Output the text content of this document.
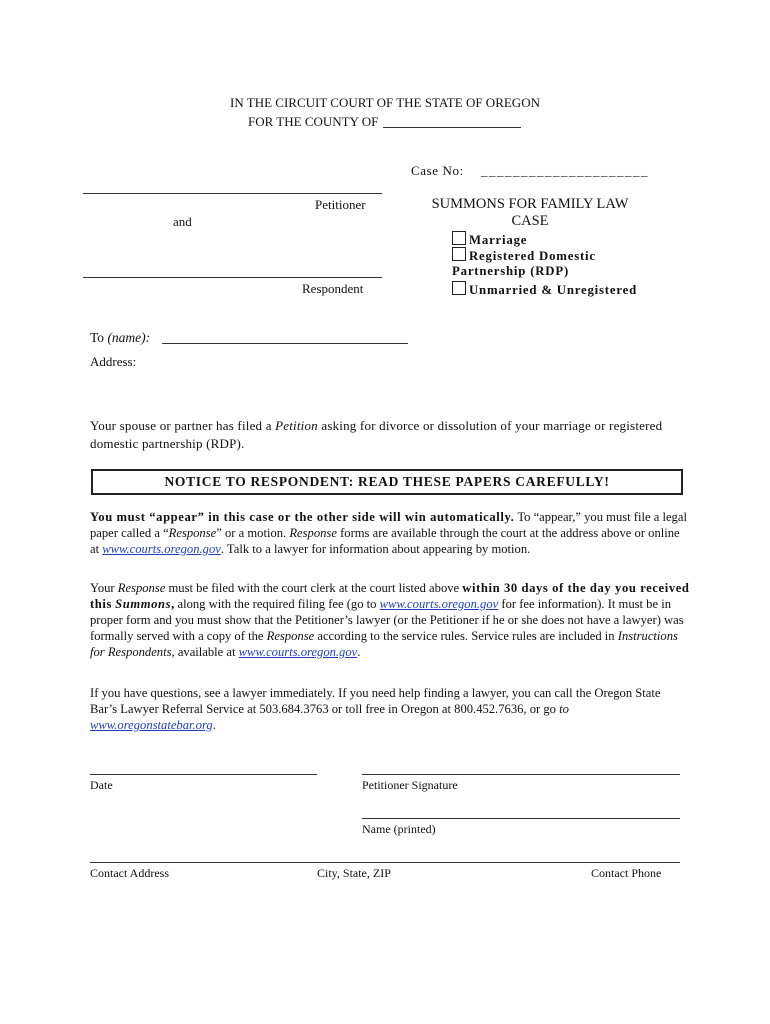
IN THE CIRCUIT COURT OF THE STATE OF OREGON
FOR THE COUNTY OF
Case No: _____________________
Petitioner
and
Respondent
SUMMONS FOR FAMILY LAW
CASE
Marriage
Registered Domestic
Partnership (RDP)
Unmarried & Unregistered
To (name):
Address:
Your spouse or partner has filed a Petition asking for divorce or dissolution of your marriage or registered domestic partnership (RDP).
NOTICE TO RESPONDENT: READ THESE PAPERS CAREFULLY!
You must “appear” in this case or the other side will win automatically. To “appear,” you must file a legal paper called a “Response” or a motion. Response forms are available through the court at the address above or online at www.courts.oregon.gov. Talk to a lawyer for information about appearing by motion.
Your Response must be filed with the court clerk at the court listed above within 30 days of the day you received this Summons, along with the required filing fee (go to www.courts.oregon.gov for fee information). It must be in proper form and you must show that the Petitioner’s lawyer (or the Petitioner if he or she does not have a lawyer) was formally served with a copy of the Response according to the service rules. Service rules are included in Instructions for Respondents, available at www.courts.oregon.gov.
If you have questions, see a lawyer immediately. If you need help finding a lawyer, you can call the Oregon State Bar’s Lawyer Referral Service at 503.684.3763 or toll free in Oregon at 800.452.7636, or go to www.oregonstatebar.org.
Date	Petitioner Signature
Name (printed)
Contact Address	City, State, ZIP	Contact Phone
